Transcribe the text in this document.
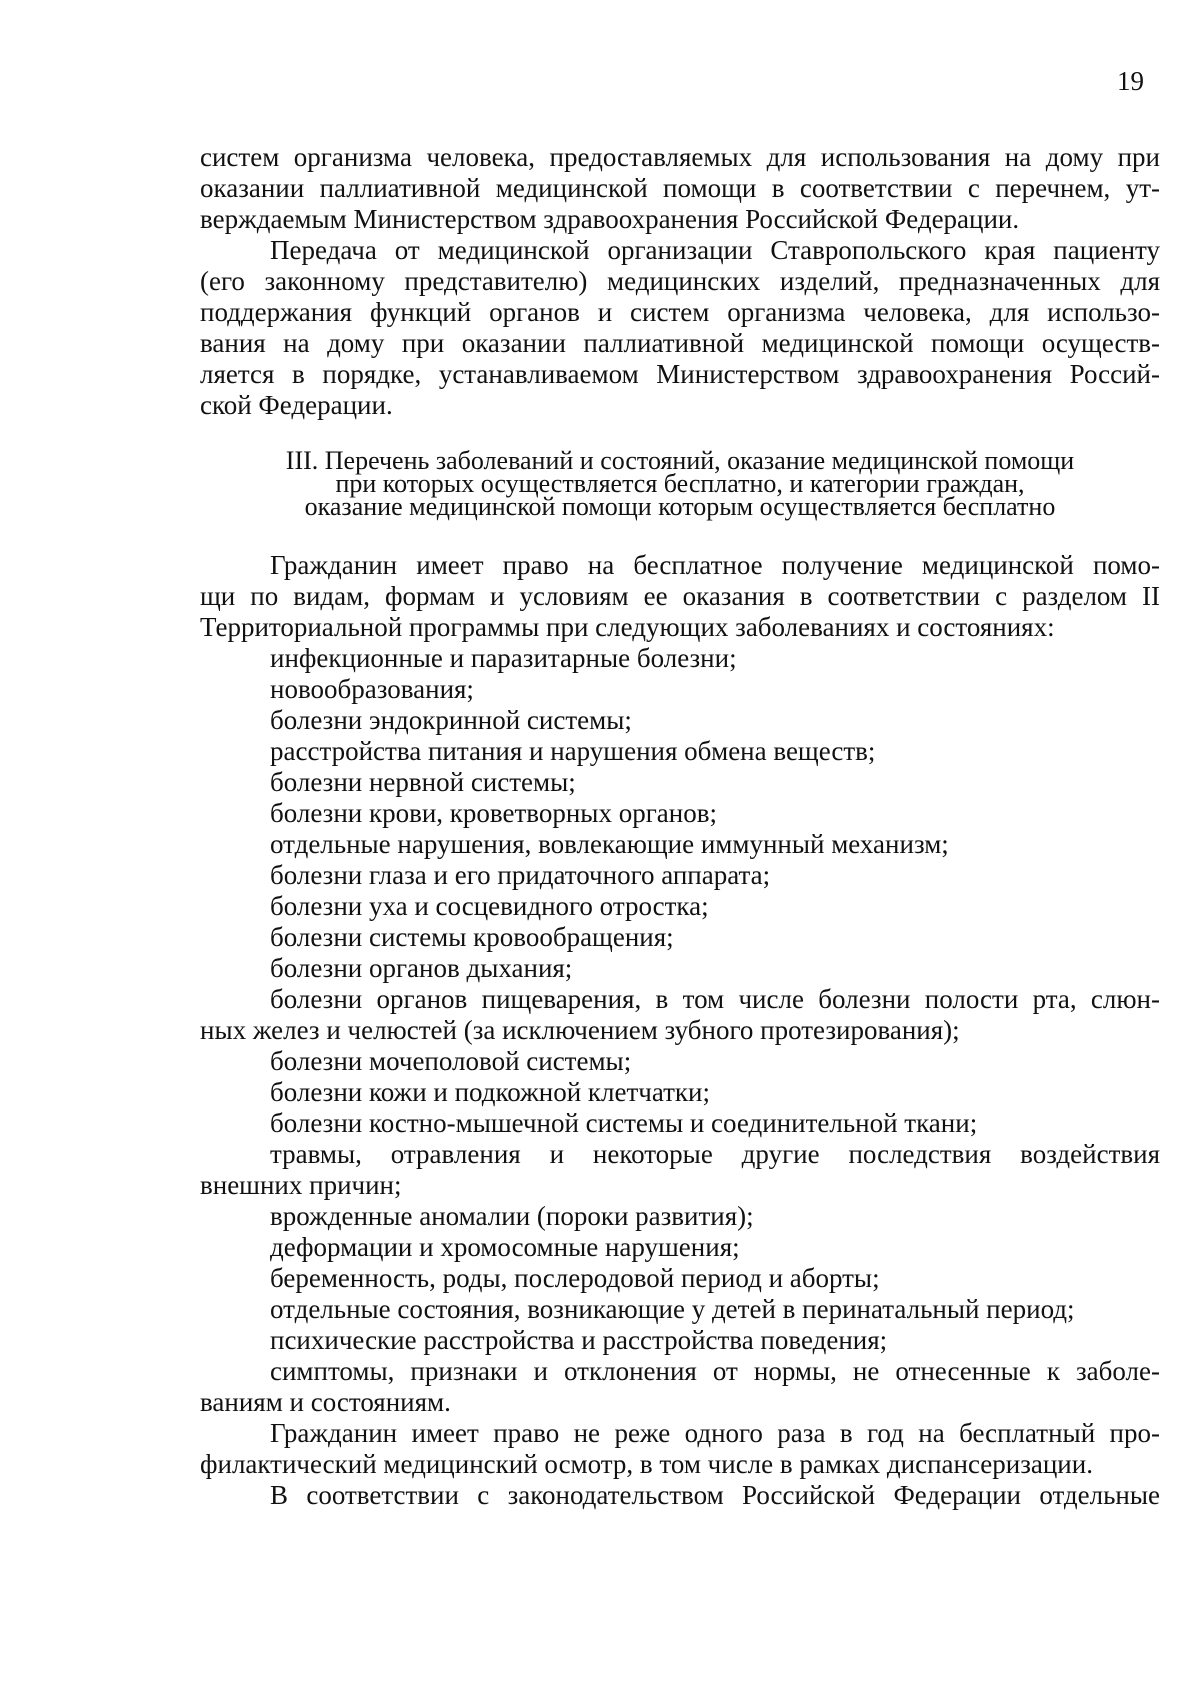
19
систем организма человека, предоставляемых для использования на дому при
оказании паллиативной медицинской помощи в соответствии с перечнем, ут-
верждаемым Министерством здравоохранения Российской Федерации.
Передача от медицинской организации Ставропольского края пациенту
(его законному представителю) медицинских изделий, предназначенных для
поддержания функций органов и систем организма человека, для использо-
вания на дому при оказании паллиативной медицинской помощи осуществ-
ляется в порядке, устанавливаемом Министерством здравоохранения Россий-
ской Федерации.
III. Перечень заболеваний и состояний, оказание медицинской помощи
при которых осуществляется бесплатно, и категории граждан,
оказание медицинской помощи которым осуществляется бесплатно
Гражданин имеет право на бесплатное получение медицинской помо-
щи по видам, формам и условиям ее оказания в соответствии с разделом II
Территориальной программы при следующих заболеваниях и состояниях:
инфекционные и паразитарные болезни;
новообразования;
болезни эндокринной системы;
расстройства питания и нарушения обмена веществ;
болезни нервной системы;
болезни крови, кроветворных органов;
отдельные нарушения, вовлекающие иммунный механизм;
болезни глаза и его придаточного аппарата;
болезни уха и сосцевидного отростка;
болезни системы кровообращения;
болезни органов дыхания;
болезни органов пищеварения, в том числе болезни полости рта, слюн-
ных желез и челюстей (за исключением зубного протезирования);
болезни мочеполовой системы;
болезни кожи и подкожной клетчатки;
болезни костно-мышечной системы и соединительной ткани;
травмы, отравления и некоторые другие последствия воздействия
внешних причин;
врожденные аномалии (пороки развития);
деформации и хромосомные нарушения;
беременность, роды, послеродовой период и аборты;
отдельные состояния, возникающие у детей в перинатальный период;
психические расстройства и расстройства поведения;
симптомы, признаки и отклонения от нормы, не отнесенные к заболе-
ваниям и состояниям.
Гражданин имеет право не реже одного раза в год на бесплатный про-
филактический медицинский осмотр, в том числе в рамках диспансеризации.
В соответствии с законодательством Российской Федерации отдельные
